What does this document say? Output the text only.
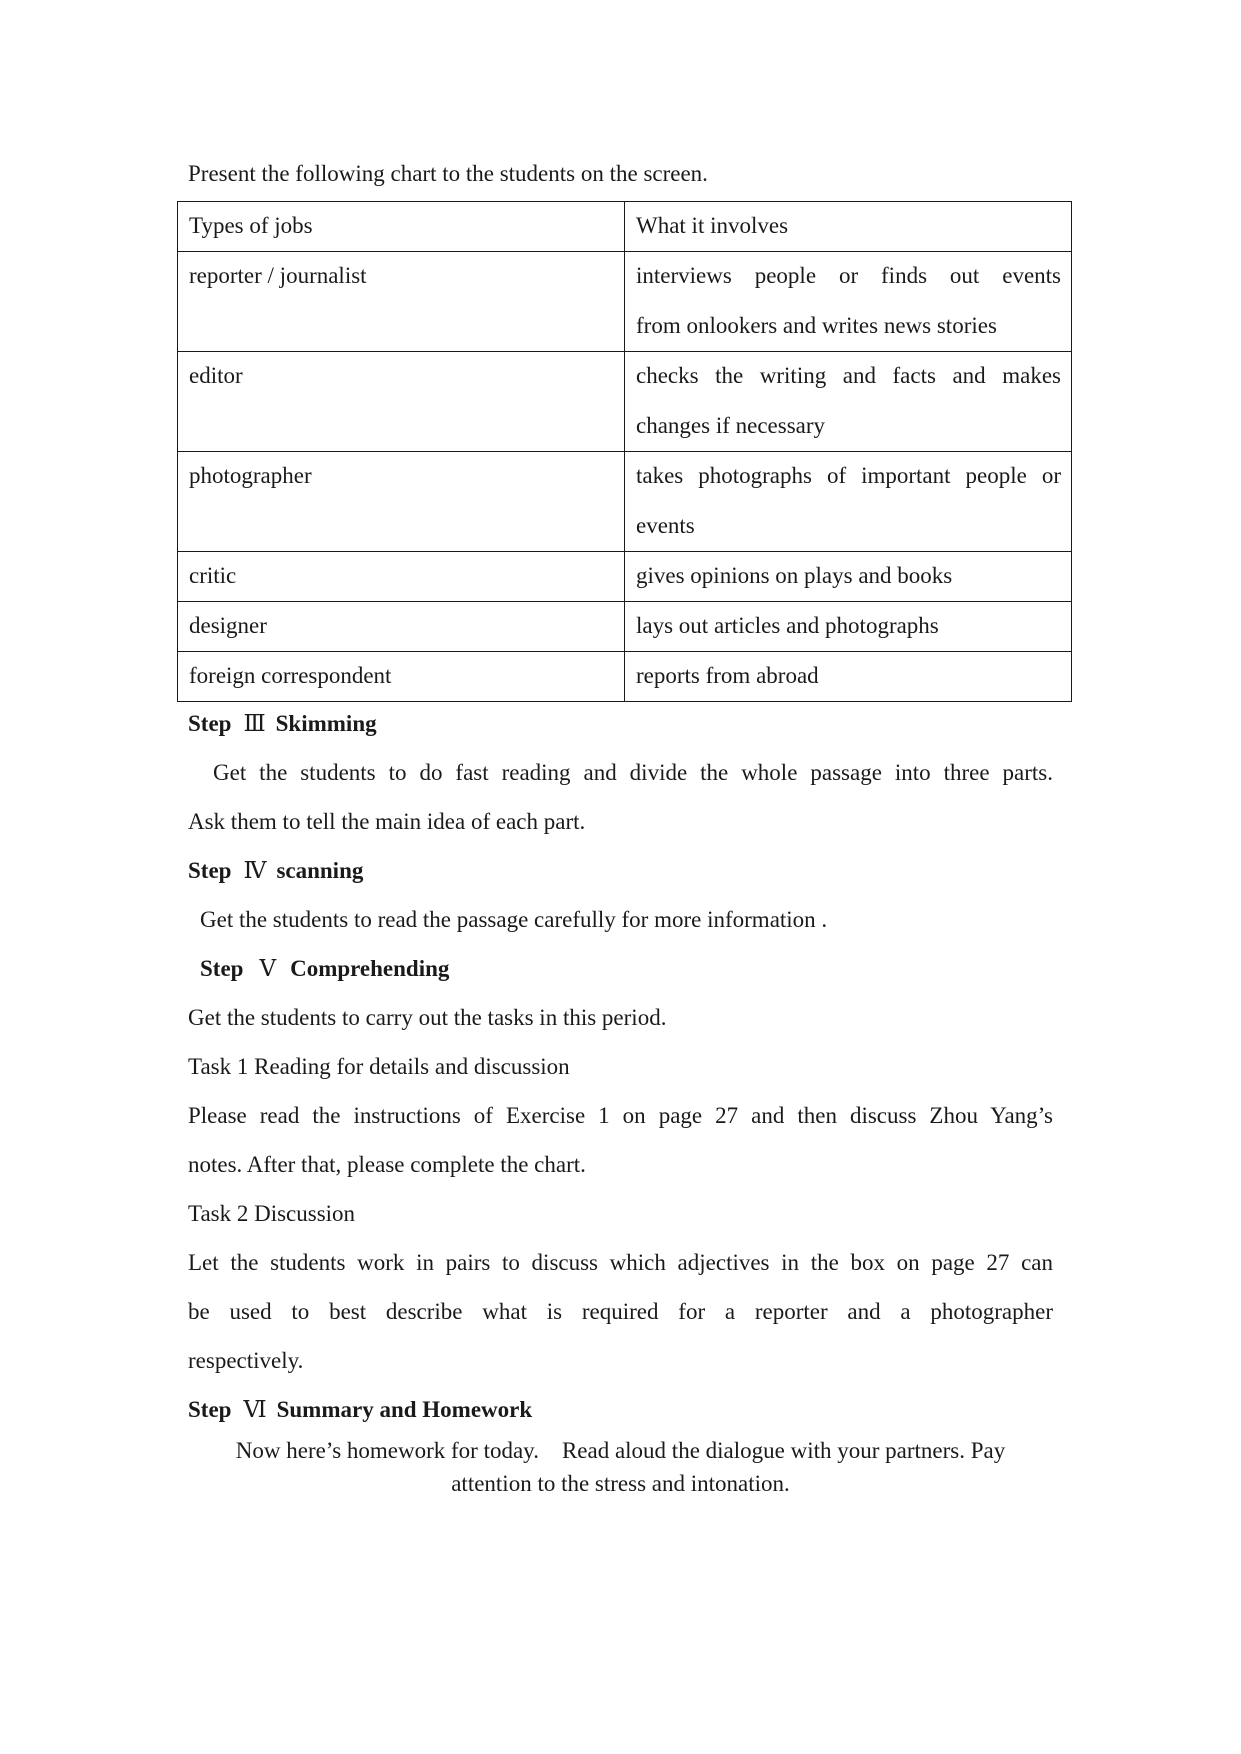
Present the following chart to the students on the screen.
Types of jobs	What it involves

reporter / journalist	interviews people or finds out events
from onlookers and writes news stories

editor	checks the writing and facts and makes
changes if necessary

photographer	takes photographs of important people or
events

critic	gives opinions on plays and books

designer	lays out articles and photographs

foreign correspondent	reports from abroad
Step Ⅲ Skimming
Get the students to do fast reading and divide the whole passage into three parts.
Ask them to tell the main idea of each part.
Step Ⅳ scanning
Get the students to read the passage carefully for more information .
Step Ⅴ Comprehending
Get the students to carry out the tasks in this period.
Task 1 Reading for details and discussion
Please read the instructions of Exercise 1 on page 27 and then discuss Zhou Yang’s
notes. After that, please complete the chart.
Task 2 Discussion
Let the students work in pairs to discuss which adjectives in the box on page 27 can
be used to best describe what is required for a reporter and a photographer
respectively.
Step Ⅵ Summary and Homework
Now here’s homework for today.    Read aloud the dialogue with your partners. Pay
attention to the stress and intonation.
